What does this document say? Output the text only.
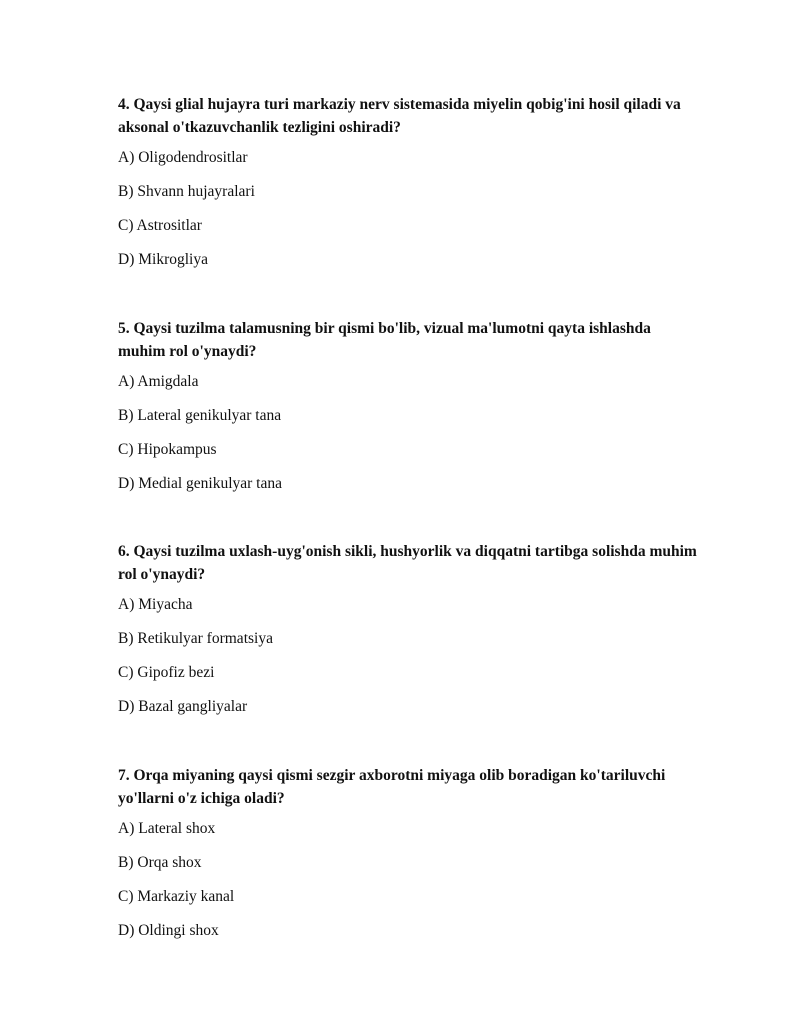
4. Qaysi glial hujayra turi markaziy nerv sistemasida miyelin qobig'ini hosil qiladi va aksonal o'tkazuvchanlik tezligini oshiradi?

A) Oligodendrositlar

B) Shvann hujayralari

C) Astrositlar

D) Mikrogliya

5. Qaysi tuzilma talamusning bir qismi bo'lib, vizual ma'lumotni qayta ishlashda muhim rol o'ynaydi?

A) Amigdala

B) Lateral genikulyar tana

C) Hipokampus

D) Medial genikulyar tana

6. Qaysi tuzilma uxlash-uyg'onish sikli, hushyorlik va diqqatni tartibga solishda muhim rol o'ynaydi?

A) Miyacha

B) Retikulyar formatsiya

C) Gipofiz bezi

D) Bazal gangliyalar

7. Orqa miyaning qaysi qismi sezgir axborotni miyaga olib boradigan ko'tariluvchi yo'llarni o'z ichiga oladi?

A) Lateral shox

B) Orqa shox

C) Markaziy kanal

D) Oldingi shox
